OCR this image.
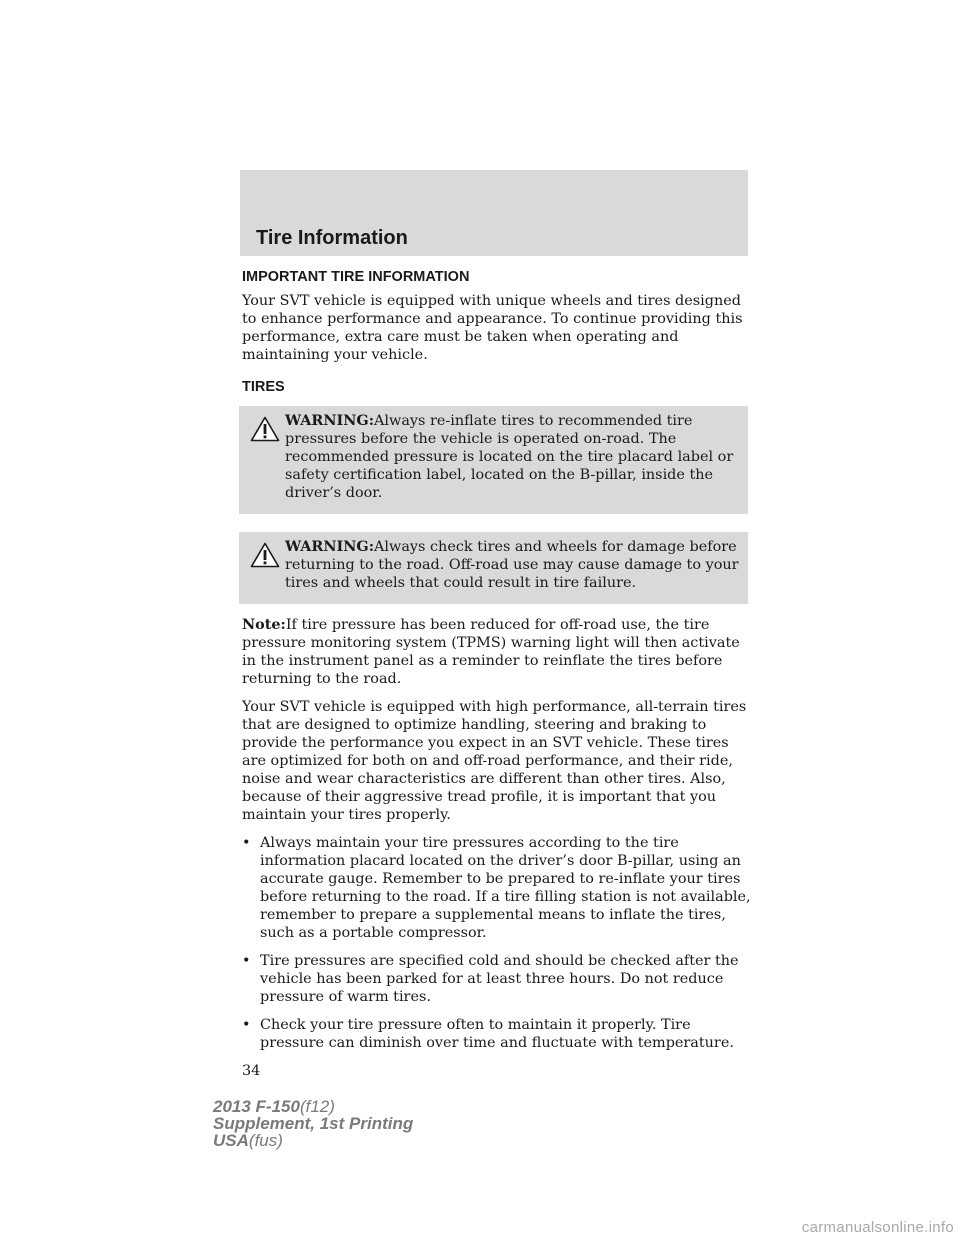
Tire Information
IMPORTANT TIRE INFORMATION

Your SVT vehicle is equipped with unique wheels and tires designed to enhance performance and appearance. To continue providing this performance, extra care must be taken when operating and maintaining your vehicle.

TIRES
WARNING:Always re-inflate tires to recommended tire
pressures before the vehicle is operated on-road. The recommended pressure is located on the tire placard label or safety certification label, located on the B-pillar, inside the driver’s door.
WARNING:Always check tires and wheels for damage before
returning to the road. Off-road use may cause damage to your tires and wheels that could result in tire failure.

Note:If tire pressure has been reduced for off-road use, the tire pressure monitoring system (TPMS) warning light will then activate in the instrument panel as a reminder to reinflate the tires before returning to the road.

Your SVT vehicle is equipped with high performance, all-terrain tires that are designed to optimize handling, steering and braking to provide the performance you expect in an SVT vehicle. These tires are optimized for both on and off-road performance, and their ride, noise and wear characteristics are different than other tires. Also, because of their aggressive tread profile, it is important that you maintain your tires properly.

• Always maintain your tire pressures according to the tire information placard located on the driver’s door B-pillar, using an accurate gauge. Remember to be prepared to re-inflate your tires before returning to the road. If a tire filling station is not available, remember to prepare a supplemental means to inflate the tires, such as a portable compressor.
• Tire pressures are specified cold and should be checked after the vehicle has been parked for at least three hours. Do not reduce pressure of warm tires.
• Check your tire pressure often to maintain it properly. Tire pressure can diminish over time and fluctuate with temperature.
34
2013 F-150(f12)
Supplement, 1st Printing
USA(fus)
carmanualsonline.info
